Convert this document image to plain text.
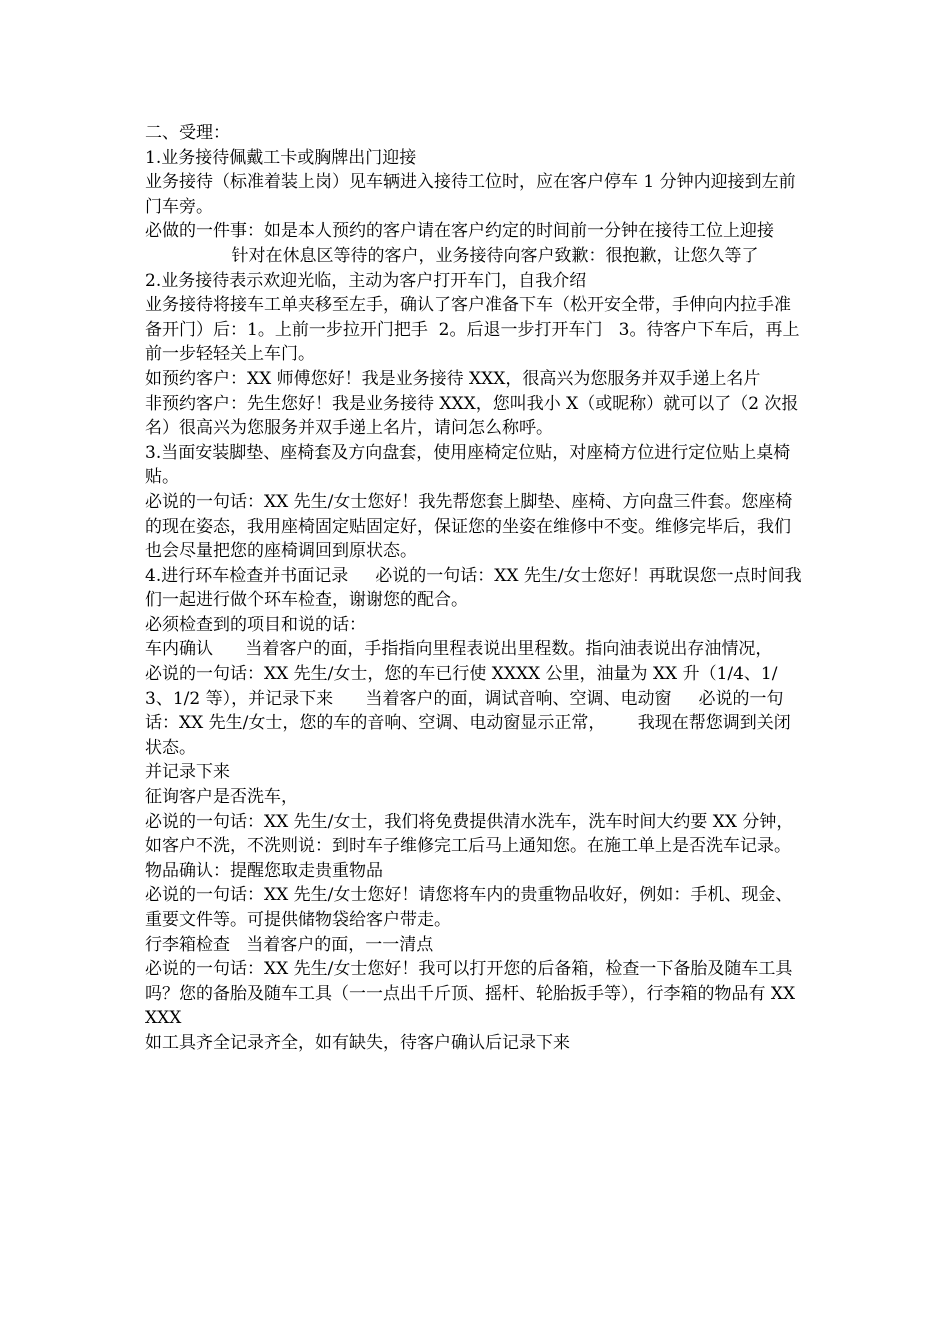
二、受理：

1.业务接待佩戴工卡或胸牌出门迎接

业务接待（标准着装上岗）见车辆进入接待工位时，应在客户停车 1 分钟内迎接到左前门车旁。

必做的一件事：如是本人预约的客户请在客户约定的时间前一分钟在接待工位上迎接

针对在休息区等待的客户，业务接待向客户致歉：很抱歉，让您久等了

2.业务接待表示欢迎光临，主动为客户打开车门，自我介绍

业务接待将接车工单夹移至左手，确认了客户准备下车（松开安全带，手伸向内拉手准备开门）后：1。上前一步拉开门把手  2。后退一步打开车门   3。待客户下车后，再上前一步轻轻关上车门。

如预约客户：XX 师傅您好！我是业务接待 XXX，很高兴为您服务并双手递上名片

非预约客户：先生您好！我是业务接待 XXX，您叫我小 X（或昵称）就可以了（2 次报名）很高兴为您服务并双手递上名片，请问怎么称呼。

3.当面安装脚垫、座椅套及方向盘套，使用座椅定位贴，对座椅方位进行定位贴上桌椅贴。

必说的一句话：XX 先生/女士您好！我先帮您套上脚垫、座椅、方向盘三件套。您座椅的现在姿态，我用座椅固定贴固定好，保证您的坐姿在维修中不变。维修完毕后，我们也会尽量把您的座椅调回到原状态。

4.进行环车检查并书面记录     必说的一句话：XX 先生/女士您好！再耽误您一点时间我们一起进行做个环车检查，谢谢您的配合。

必须检查到的项目和说的话：

车内确认      当着客户的面，手指指向里程表说出里程数。指向油表说出存油情况，

必说的一句话：XX 先生/女士，您的车已行使 XXXX 公里，油量为 XX 升（1/4、1/3、1/2 等），并记录下来      当着客户的面，调试音响、空调、电动窗     必说的一句话：XX 先生/女士，您的车的音响、空调、电动窗显示正常，      我现在帮您调到关闭状态。

并记录下来

征询客户是否洗车，

必说的一句话：XX 先生/女士，我们将免费提供清水洗车，洗车时间大约要 XX 分钟，如客户不洗，不洗则说：到时车子维修完工后马上通知您。在施工单上是否洗车记录。

物品确认：提醒您取走贵重物品

必说的一句话：XX 先生/女士您好！请您将车内的贵重物品收好，例如：手机、现金、重要文件等。可提供储物袋给客户带走。

行李箱检查   当着客户的面，一一清点

必说的一句话：XX 先生/女士您好！我可以打开您的后备箱，检查一下备胎及随车工具吗？您的备胎及随车工具（一一点出千斤顶、摇杆、轮胎扳手等），行李箱的物品有 XXXXX

如工具齐全记录齐全，如有缺失，待客户确认后记录下来
